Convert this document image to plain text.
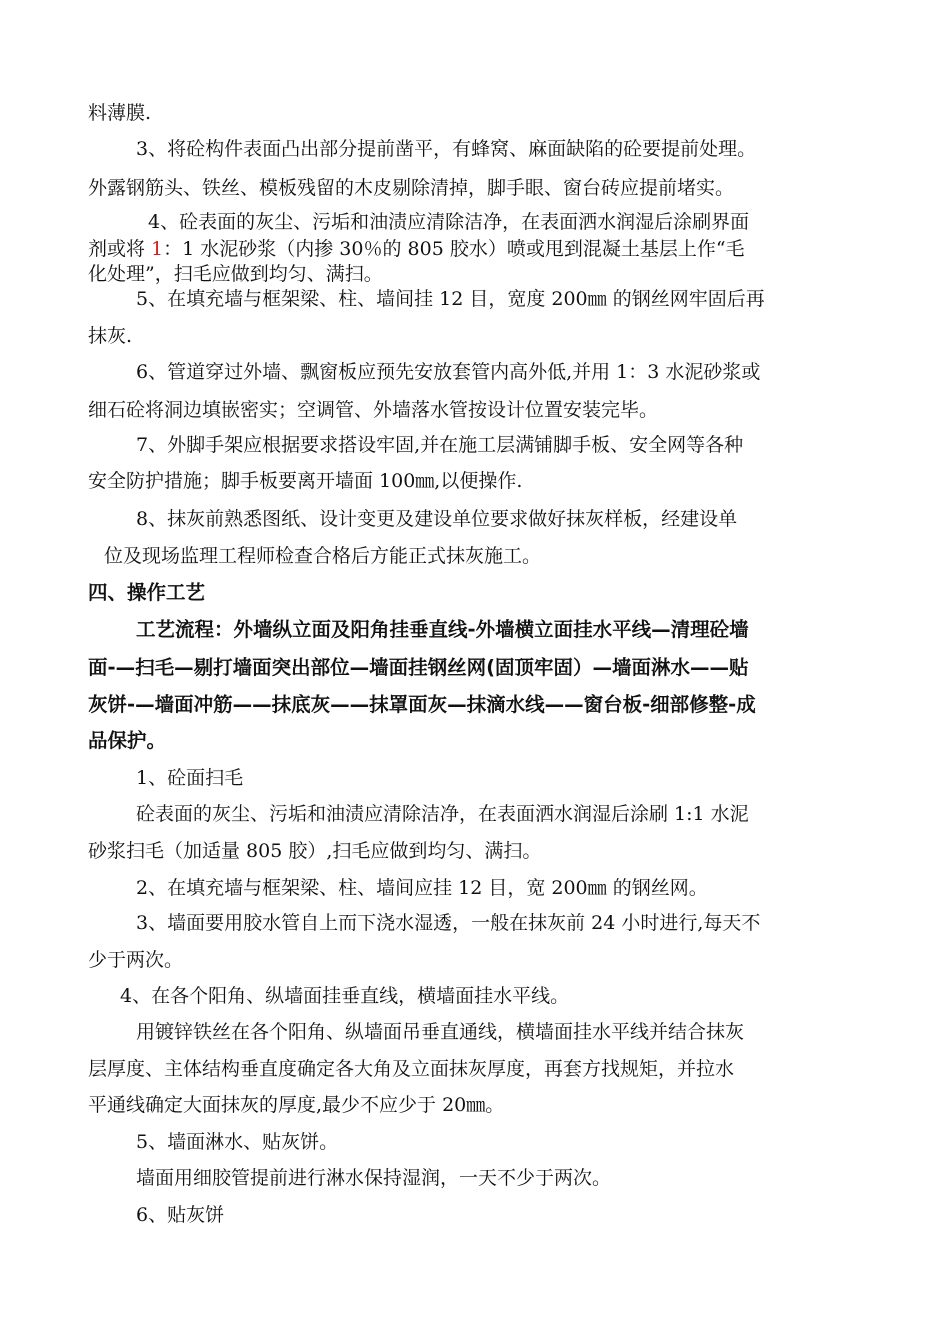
料薄膜.
3、将砼构件表面凸出部分提前凿平，有蜂窝、麻面缺陷的砼要提前处理。
外露钢筋头、铁丝、模板残留的木皮剔除清掉，脚手眼、窗台砖应提前堵实。
4、砼表面的灰尘、污垢和油渍应清除洁净，在表面洒水润湿后涂刷界面
剂或将 1：1 水泥砂浆（内掺 30％的 805 胶水）喷或甩到混凝土基层上作“毛
化处理”，扫毛应做到均匀、满扫。
5、在填充墙与框架梁、柱、墙间挂 12 目，宽度 200㎜ 的钢丝网牢固后再
抹灰.
6、管道穿过外墙、飘窗板应预先安放套管内高外低,并用 1：3 水泥砂浆或
细石砼将洞边填嵌密实；空调管、外墙落水管按设计位置安装完毕。
7、外脚手架应根据要求搭设牢固,并在施工层满铺脚手板、安全网等各种
安全防护措施；脚手板要离开墙面 100㎜,以便操作.
8、抹灰前熟悉图纸、设计变更及建设单位要求做好抹灰样板，经建设单
位及现场监理工程师检查合格后方能正式抹灰施工。
四、操作工艺
工艺流程：外墙纵立面及阳角挂垂直线-外墙横立面挂水平线—清理砼墙
面-—扫毛—剔打墙面突出部位—墙面挂钢丝网(固顶牢固）—墙面淋水——贴
灰饼-—墙面冲筋——抹底灰——抹罩面灰—抹滴水线——窗台板-细部修整-成
品保护。
1、砼面扫毛
砼表面的灰尘、污垢和油渍应清除洁净，在表面洒水润湿后涂刷 1:1 水泥
砂浆扫毛（加适量 805 胶）,扫毛应做到均匀、满扫。
2、在填充墙与框架梁、柱、墙间应挂 12 目，宽 200㎜ 的钢丝网。
3、墙面要用胶水管自上而下浇水湿透，一般在抹灰前 24 小时进行,每天不
少于两次。
4、在各个阳角、纵墙面挂垂直线，横墙面挂水平线。
用镀锌铁丝在各个阳角、纵墙面吊垂直通线，横墙面挂水平线并结合抹灰
层厚度、主体结构垂直度确定各大角及立面抹灰厚度，再套方找规矩，并拉水
平通线确定大面抹灰的厚度,最少不应少于 20㎜。
5、墙面淋水、贴灰饼。
墙面用细胶管提前进行淋水保持湿润，一天不少于两次。
6、贴灰饼
